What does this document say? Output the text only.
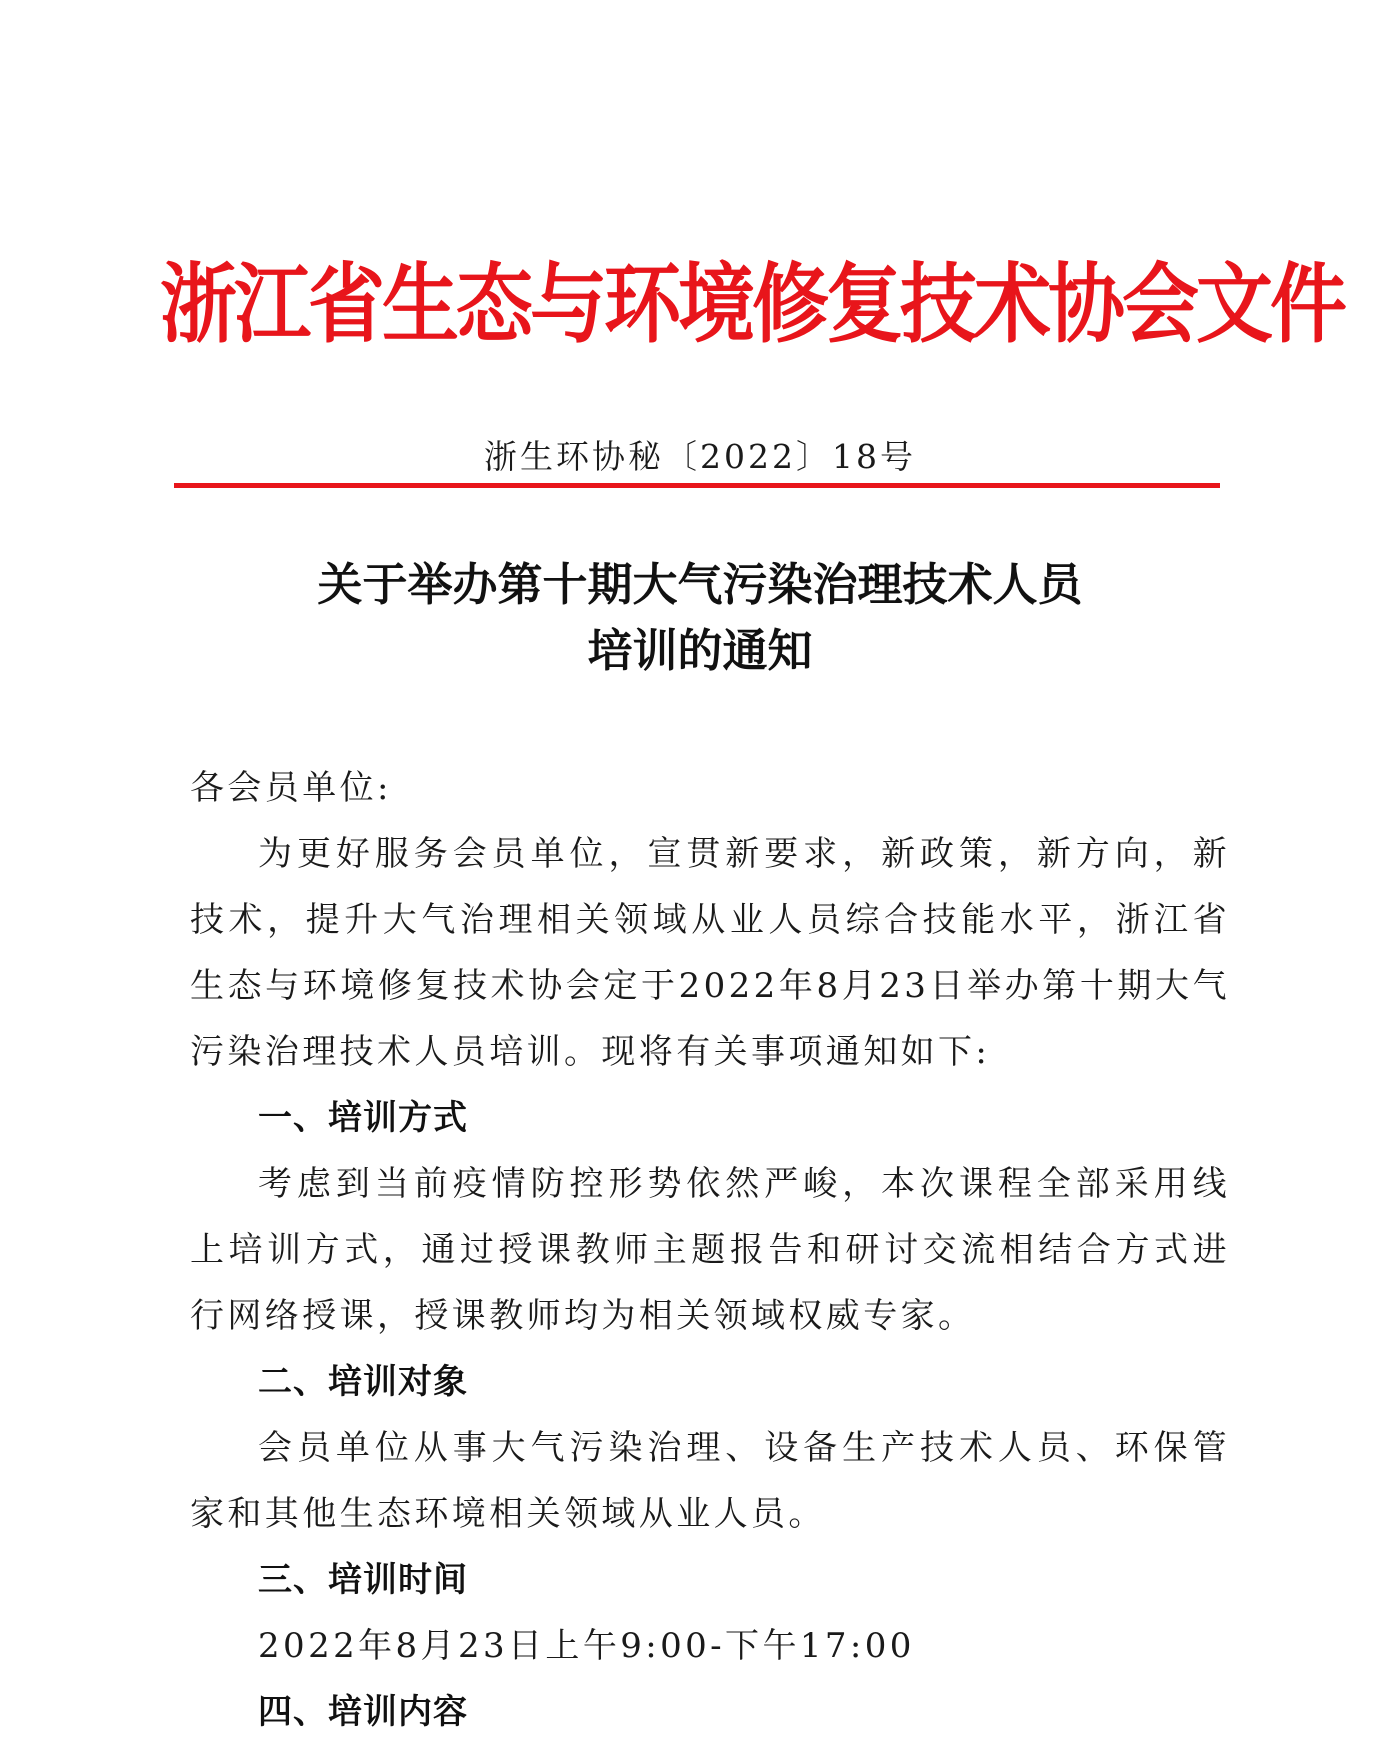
浙江省生态与环境修复技术协会文件
浙生环协秘〔2022〕18号
关于举办第十期大气污染治理技术人员
培训的通知

各会员单位:

为更好服务会员单位，宣贯新要求，新政策，新方向，新技术，提升大气治理相关领域从业人员综合技能水平，浙江省生态与环境修复技术协会定于2022年8月23日举办第十期大气污染治理技术人员培训。现将有关事项通知如下:

一、培训方式

考虑到当前疫情防控形势依然严峻，本次课程全部采用线上培训方式，通过授课教师主题报告和研讨交流相结合方式进行网络授课，授课教师均为相关领域权威专家。

二、培训对象

会员单位从事大气污染治理、设备生产技术人员、环保管家和其他生态环境相关领域从业人员。

三、培训时间

2022年8月23日上午9:00-下午17:00

四、培训内容
